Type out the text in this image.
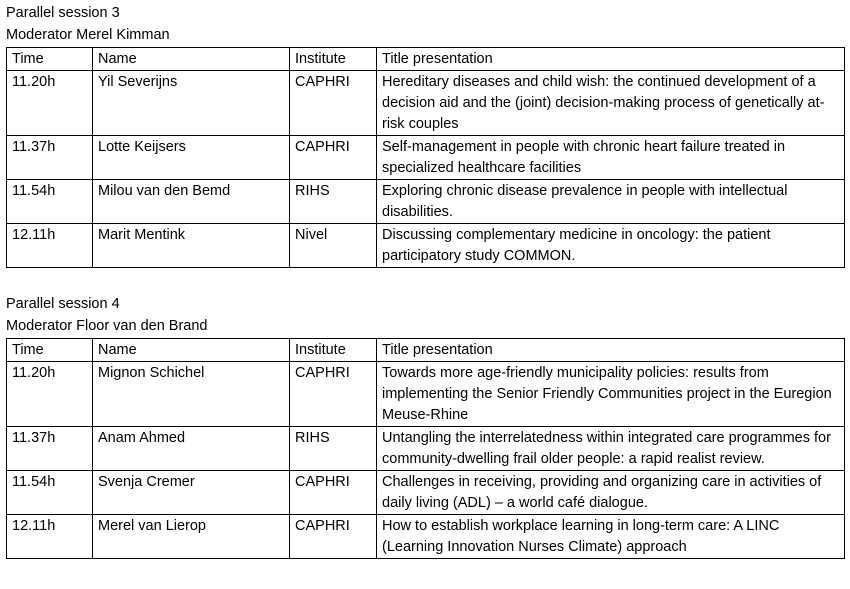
Parallel session 3
Moderator Merel Kimman
Time	Name	Institute	Title presentation
11.20h	Yil Severijns	CAPHRI	Hereditary diseases and child wish: the continued development of a decision aid and the (joint) decision-making process of genetically at-risk couples
11.37h	Lotte Keijsers	CAPHRI	Self-management in people with chronic heart failure treated in specialized healthcare facilities
11.54h	Milou van den Bemd	RIHS	Exploring chronic disease prevalence in people with intellectual disabilities.
12.11h	Marit Mentink	Nivel	Discussing complementary medicine in oncology: the patient participatory study COMMON.
Parallel session 4
Moderator Floor van den Brand
Time	Name	Institute	Title presentation
11.20h	Mignon Schichel	CAPHRI	Towards more age-friendly municipality policies: results from implementing the Senior Friendly Communities project in the Euregion Meuse-Rhine
11.37h	Anam Ahmed	RIHS	Untangling the interrelatedness within integrated care programmes for community-dwelling frail older people: a rapid realist review.
11.54h	Svenja Cremer	CAPHRI	Challenges in receiving, providing and organizing care in activities of daily living (ADL) – a world café dialogue.
12.11h	Merel van Lierop	CAPHRI	How to establish workplace learning in long-term care: A LINC (Learning Innovation Nurses Climate) approach
